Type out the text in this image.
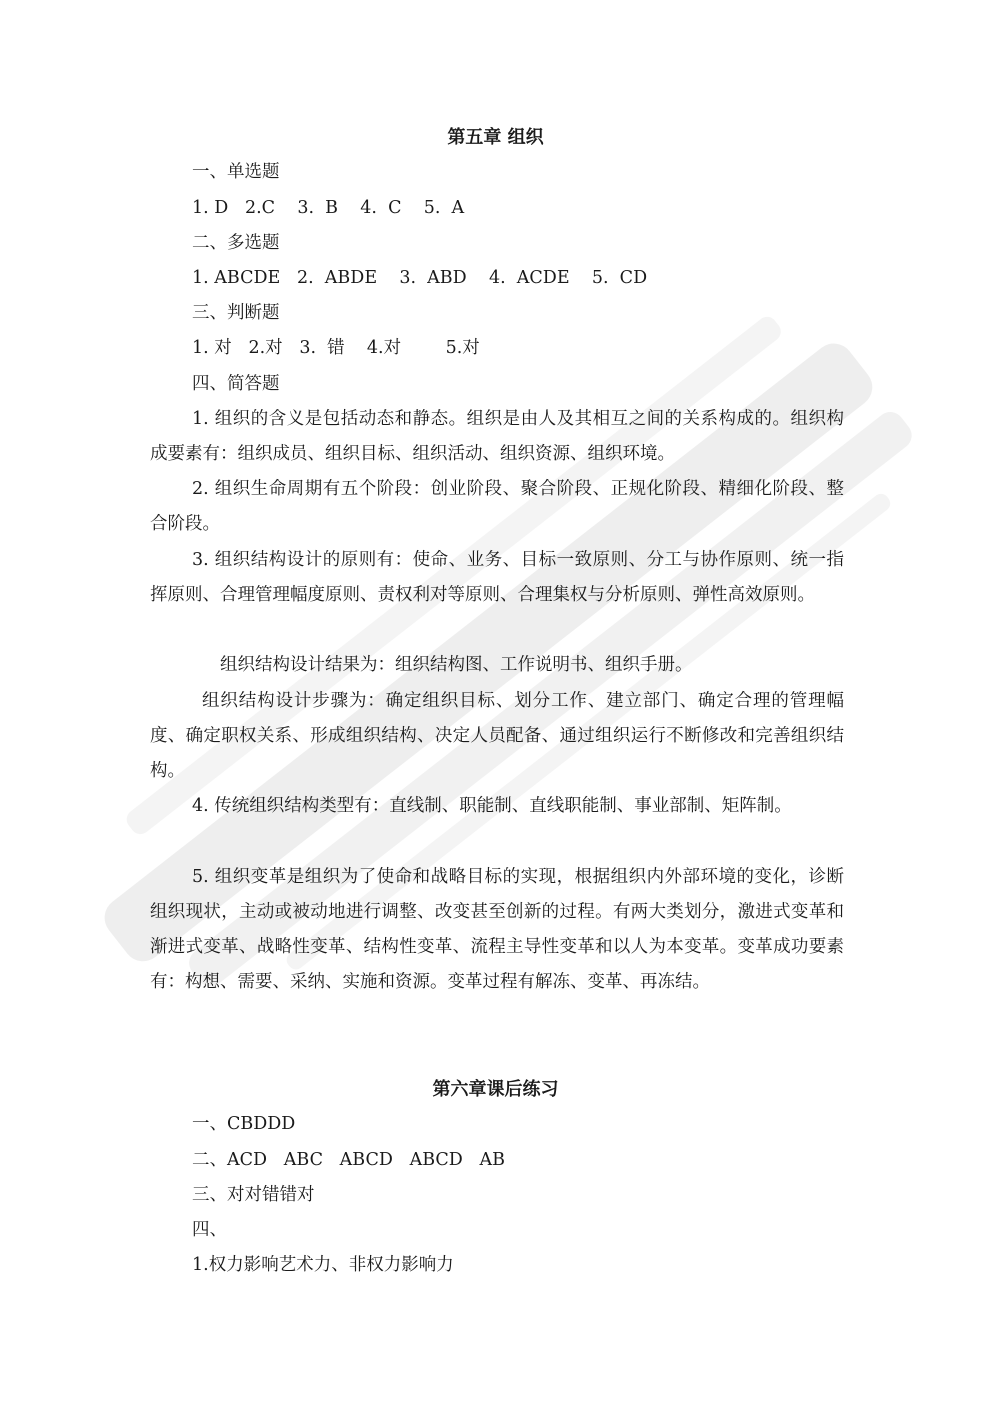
第五章 组织
一、单选题
1. D   2.C    3.  B    4.  C    5.  A
二、多选题
1. ABCDE   2.  ABDE    3.  ABD    4.  ACDE    5.  CD
三、判断题
1. 对   2.对   3.  错    4.对        5.对
四、简答题

1. 组织的含义是包括动态和静态。组织是由人及其相互之间的关系构成的。组织构成要素有：组织成员、组织目标、组织活动、组织资源、组织环境。

2. 组织生命周期有五个阶段：创业阶段、聚合阶段、正规化阶段、精细化阶段、整合阶段。

3. 组织结构设计的原则有：使命、业务、目标一致原则、分工与协作原则、统一指挥原则、合理管理幅度原则、责权利对等原则、合理集权与分析原则、弹性高效原则。

组织结构设计结果为：组织结构图、工作说明书、组织手册。

组织结构设计步骤为：确定组织目标、划分工作、建立部门、确定合理的管理幅度、确定职权关系、形成组织结构、决定人员配备、通过组织运行不断修改和完善组织结构。

4. 传统组织结构类型有：直线制、职能制、直线职能制、事业部制、矩阵制。

5. 组织变革是组织为了使命和战略目标的实现，根据组织内外部环境的变化，诊断组织现状，主动或被动地进行调整、改变甚至创新的过程。有两大类划分，激进式变革和渐进式变革、战略性变革、结构性变革、流程主导性变革和以人为本变革。变革成功要素有：构想、需要、采纳、实施和资源。变革过程有解冻、变革、再冻结。

第六章课后练习
一、CBDDD
二、ACD   ABC   ABCD   ABCD   AB
三、对对错错对
四、
1.权力影响艺术力、非权力影响力
